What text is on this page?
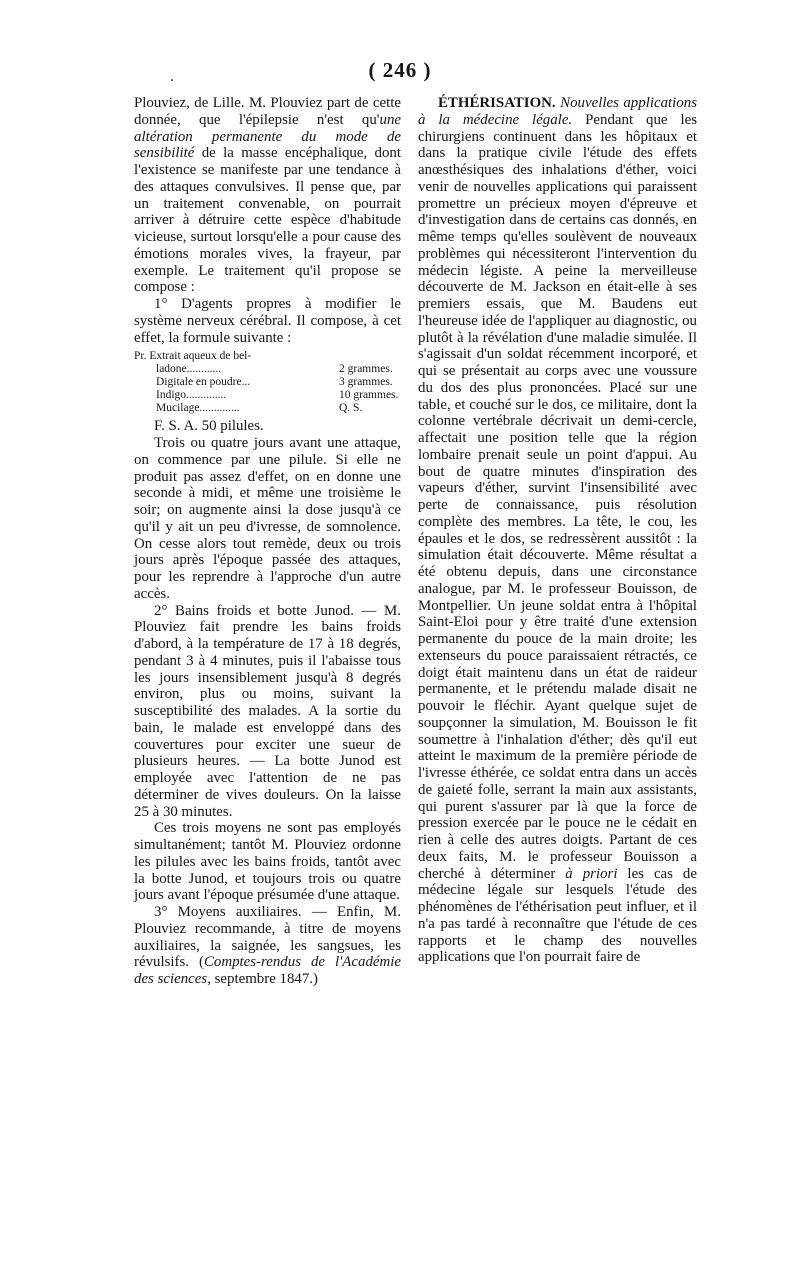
.	( 246 )

Plouviez, de Lille. M. Plouviez part de cette donnée, que l'épilepsie n'est qu'une altération permanente du mode de sensibilité de la masse encéphalique, dont l'existence se manifeste par une tendance à des attaques convulsives. Il pense que, par un traitement convenable, on pourrait arriver à détruire cette espèce d'habitude vicieuse, surtout lorsqu'elle a pour cause des émotions morales vives, la frayeur, par exemple. Le traitement qu'il propose se compose :

1° D'agents propres à modifier le système nerveux cérébral. Il compose, à cet effet, la formule suivante :

Pr. Extrait aqueux de bel-
ladone............	2 grammes.
Digitale en poudre...	3 grammes.
Indigo..............	10 grammes.
Mucilage..............	Q. S.

F. S. A. 50 pilules.

Trois ou quatre jours avant une attaque, on commence par une pilule. Si elle ne produit pas assez d'effet, on en donne une seconde à midi, et même une troisième le soir; on augmente ainsi la dose jusqu'à ce qu'il y ait un peu d'ivresse, de somnolence. On cesse alors tout remède, deux ou trois jours après l'époque passée des attaques, pour les reprendre à l'approche d'un autre accès.

2° Bains froids et botte Junod. — M. Plouviez fait prendre les bains froids d'abord, à la température de 17 à 18 degrés, pendant 3 à 4 minutes, puis il l'abaisse tous les jours insensiblement jusqu'à 8 degrés environ, plus ou moins, suivant la susceptibilité des malades. A la sortie du bain, le malade est enveloppé dans des couvertures pour exciter une sueur de plusieurs heures. — La botte Junod est employée avec l'attention de ne pas déterminer de vives douleurs. On la laisse 25 à 30 minutes.

Ces trois moyens ne sont pas employés simultanément; tantôt M. Plouviez ordonne les pilules avec les bains froids, tantôt avec la botte Junod, et toujours trois ou quatre jours avant l'époque présumée d'une attaque.

3° Moyens auxiliaires. — Enfin, M. Plouviez recommande, à titre de moyens auxiliaires, la saignée, les sangsues, les révulsifs. (Comptes-rendus de l'Académie des sciences, septembre 1847.)

ÉTHÉRISATION. Nouvelles applications à la médecine légale. Pendant que les chirurgiens continuent dans les hôpitaux et dans la pratique civile l'étude des effets anœsthésiques des inhalations d'éther, voici venir de nouvelles applications qui paraissent promettre un précieux moyen d'épreuve et d'investigation dans de certains cas donnés, en même temps qu'elles soulèvent de nouveaux problèmes qui nécessiteront l'intervention du médecin légiste. A peine la merveilleuse découverte de M. Jackson en était-elle à ses premiers essais, que M. Baudens eut l'heureuse idée de l'appliquer au diagnostic, ou plutôt à la révélation d'une maladie simulée. Il s'agissait d'un soldat récemment incorporé, et qui se présentait au corps avec une voussure du dos des plus prononcées. Placé sur une table, et couché sur le dos, ce militaire, dont la colonne vertébrale décrivait un demi-cercle, affectait une position telle que la région lombaire prenait seule un point d'appui. Au bout de quatre minutes d'inspiration des vapeurs d'éther, survint l'insensibilité avec perte de connaissance, puis résolution complète des membres. La tête, le cou, les épaules et le dos, se redressèrent aussitôt : la simulation était découverte. Même résultat a été obtenu depuis, dans une circonstance analogue, par M. le professeur Bouisson, de Montpellier. Un jeune soldat entra à l'hôpital Saint-Eloi pour y être traité d'une extension permanente du pouce de la main droite; les extenseurs du pouce paraissaient rétractés, ce doigt était maintenu dans un état de raideur permanente, et le prétendu malade disait ne pouvoir le fléchir. Ayant quelque sujet de soupçonner la simulation, M. Bouisson le fit soumettre à l'inhalation d'éther; dès qu'il eut atteint le maximum de la première période de l'ivresse éthérée, ce soldat entra dans un accès de gaieté folle, serrant la main aux assistants, qui purent s'assurer par là que la force de pression exercée par le pouce ne le cédait en rien à celle des autres doigts. Partant de ces deux faits, M. le professeur Bouisson a cherché à déterminer à priori les cas de médecine légale sur lesquels l'étude des phénomènes de l'éthérisation peut influer, et il n'a pas tardé à reconnaître que l'étude de ces rapports et le champ des nouvelles applications que l'on pourrait faire de
